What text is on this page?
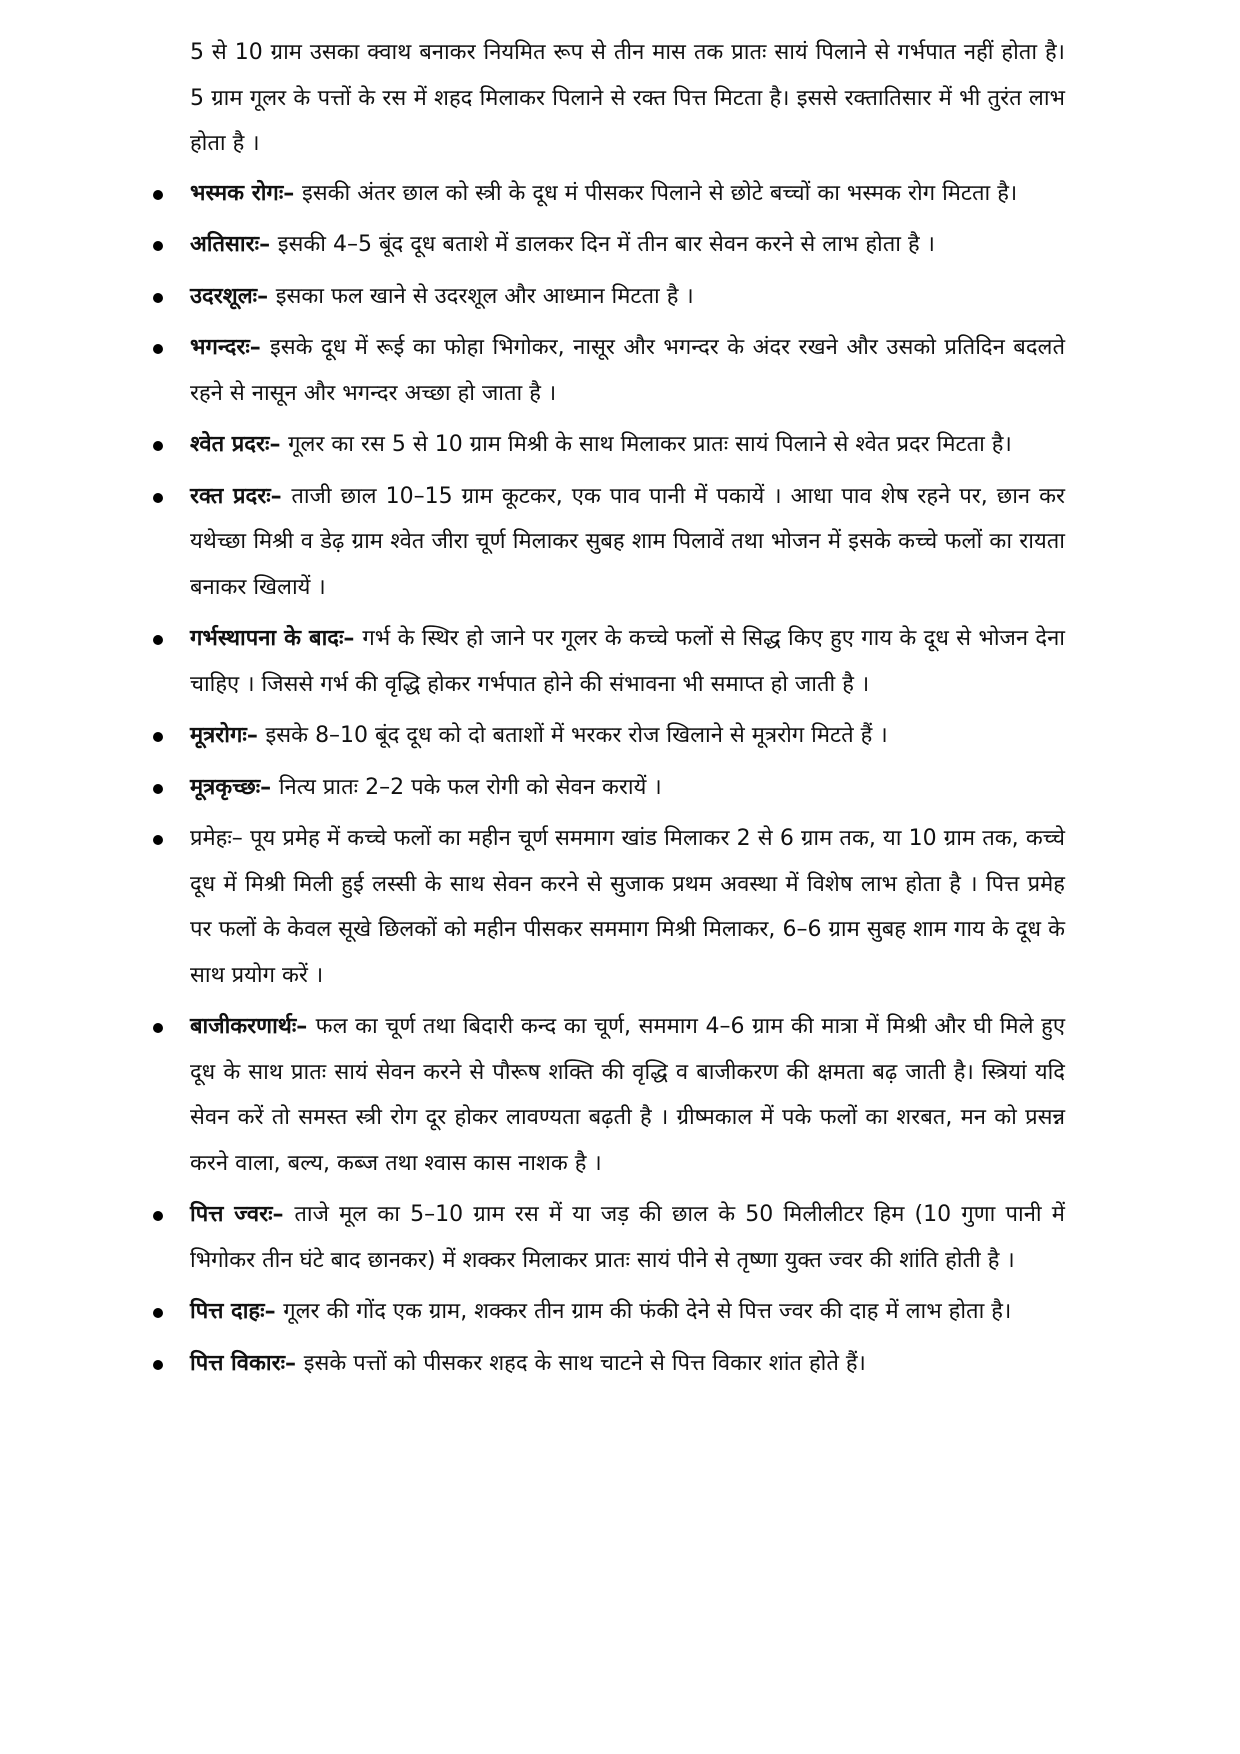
5 से 10 ग्राम उसका क्वाथ बनाकर नियमित रूप से तीन मास तक प्रातः सायं पिलाने से गर्भपात नहीं होता है। 5 ग्राम गूलर के पत्तों के रस में शहद मिलाकर पिलाने से रक्त पित्त मिटता है। इससे रक्तातिसार में भी तुरंत लाभ होता है ।

भस्मक रोगः– इसकी अंतर छाल को स्त्री के दूध मं पीसकर पिलाने से छोटे बच्चों का भस्मक रोग मिटता है।
अतिसारः– इसकी 4–5 बूंद दूध बताशे में डालकर दिन में तीन बार सेवन करने से लाभ होता है ।
उदरशूलः– इसका फल खाने से उदरशूल और आध्मान मिटता है ।
भगन्दरः– इसके दूध में रूई का फोहा भिगोकर, नासूर और भगन्दर के अंदर रखने और उसको प्रतिदिन बदलते रहने से नासून और भगन्दर अच्छा हो जाता है ।
श्वेत प्रदरः– गूलर का रस 5 से 10 ग्राम मिश्री के साथ मिलाकर प्रातः सायं पिलाने से श्वेत प्रदर मिटता है।
रक्त प्रदरः– ताजी छाल 10–15 ग्राम कूटकर, एक पाव पानी में पकायें । आधा पाव शेष रहने पर, छान कर यथेच्छा मिश्री व डेढ़ ग्राम श्वेत जीरा चूर्ण मिलाकर सुबह शाम पिलावें तथा भोजन में इसके कच्चे फलों का रायता बनाकर खिलायें ।
गर्भस्थापना के बादः– गर्भ के स्थिर हो जाने पर गूलर के कच्चे फलों से सिद्ध किए हुए गाय के दूध से भोजन देना चाहिए । जिससे गर्भ की वृद्धि होकर गर्भपात होने की संभावना भी समाप्त हो जाती है ।
मूत्ररोगः– इसके 8–10 बूंद दूध को दो बताशों में भरकर रोज खिलाने से मूत्ररोग मिटते हैं ।
मूत्रकृच्छः– नित्य प्रातः 2–2 पके फल रोगी को सेवन करायें ।
प्रमेहः– पूय प्रमेह में कच्चे फलों का महीन चूर्ण सममाग खांड मिलाकर 2 से 6 ग्राम तक, या 10 ग्राम तक, कच्चे दूध में मिश्री मिली हुई लस्सी के साथ सेवन करने से सुजाक प्रथम अवस्था में विशेष लाभ होता है । पित्त प्रमेह पर फलों के केवल सूखे छिलकों को महीन पीसकर सममाग मिश्री मिलाकर, 6–6 ग्राम सुबह शाम गाय के दूध के साथ प्रयोग करें ।
बाजीकरणार्थः– फल का चूर्ण तथा बिदारी कन्द का चूर्ण, सममाग 4–6 ग्राम की मात्रा में मिश्री और घी मिले हुए दूध के साथ प्रातः सायं सेवन करने से पौरूष शक्ति की वृद्धि व बाजीकरण की क्षमता बढ़ जाती है। स्त्रियां यदि सेवन करें तो समस्त स्त्री रोग दूर होकर लावण्यता बढ़ती है । ग्रीष्मकाल में पके फलों का शरबत, मन को प्रसन्न करने वाला, बल्य, कब्ज तथा श्वास कास नाशक है ।
पित्त ज्वरः– ताजे मूल का 5–10 ग्राम रस में या जड़ की छाल के 50 मिलीलीटर हिम (10 गुणा पानी में भिगोकर तीन घंटे बाद छानकर) में शक्कर मिलाकर प्रातः सायं पीने से तृष्णा युक्त ज्वर की शांति होती है ।
पित्त दाहः– गूलर की गोंद एक ग्राम, शक्कर तीन ग्राम की फंकी देने से पित्त ज्वर की दाह में लाभ होता है।
पित्त विकारः– इसके पत्तों को पीसकर शहद के साथ चाटने से पित्त विकार शांत होते हैं।
